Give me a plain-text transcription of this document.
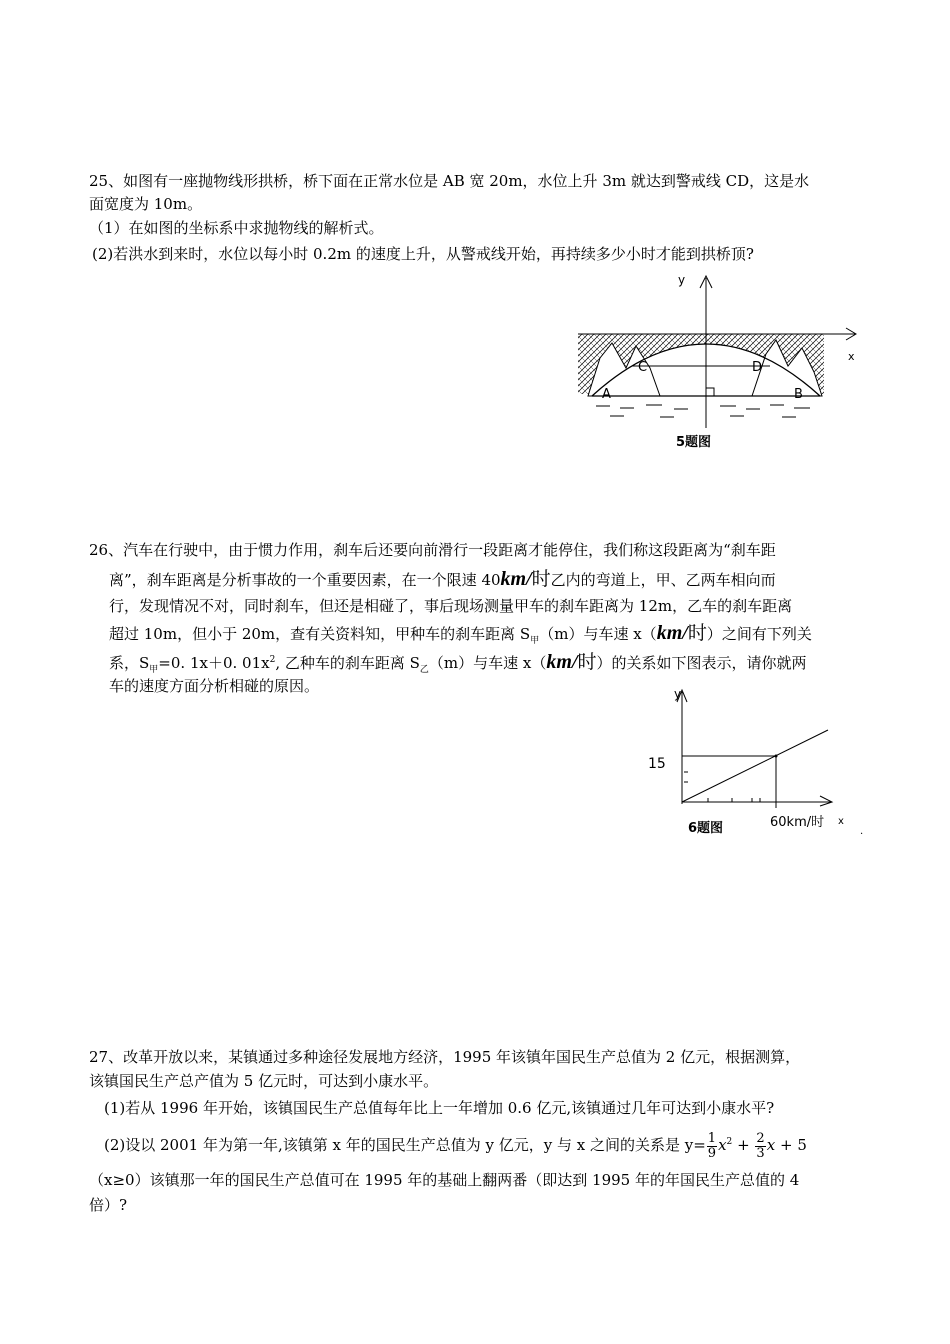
25、如图有一座抛物线形拱桥，桥下面在正常水位是 AB 宽 20m，水位上升 3m 就达到警戒线 CD，这是水
面宽度为 10m。
（1）在如图的坐标系中求抛物线的解析式。
(2)若洪水到来时，水位以每小时 0.2m 的速度上升，从警戒线开始，再持续多少小时才能到拱桥顶?
x
y
C	D
A	B
5题图
26、汽车在行驶中，由于惯力作用，刹车后还要向前滑行一段距离才能停住，我们称这段距离为“刹车距
离”，刹车距离是分析事故的一个重要因素，在一个限速 40km/时乙内的弯道上，甲、乙两车相向而
行，发现情况不对，同时刹车，但还是相碰了，事后现场测量甲车的刹车距离为 12m，乙车的刹车距离
超过 10m，但小于 20m，查有关资料知，甲种车的刹车距离 $S_甲(m)$与车速 x（km/时）之间有下列关
系，$S_甲=0$. 1x＋0. $01x^2$, 乙种车的刹车距离 $S_乙(m)$与车速 x（km/时）的关系如下图表示，请你就两
车的速度方面分析相碰的原因。	y
x
15
60km/时
6题图	.
27、改革开放以来，某镇通过多种途径发展地方经济，1995 年该镇年国民生产总值为 2 亿元，根据测算，
该镇国民生产总产值为 5 亿元时，可达到小康水平。
(1)若从 1996 年开始，该镇国民生产总值每年比上一年增加 0.6 亿元,该镇通过几年可达到小康水平?
(2)设以 2001 年为第一年,该镇第 x 年的国民生产总值为 y 亿元，y 与 x 之间的关系是 $y= \frac{1}{9} x^2 + \frac{2}{3}$ x + 5
（x≥0）该镇那一年的国民生产总值可在 1995 年的基础上翻两番（即达到 1995 年的年国民生产总值的 4
倍）?
